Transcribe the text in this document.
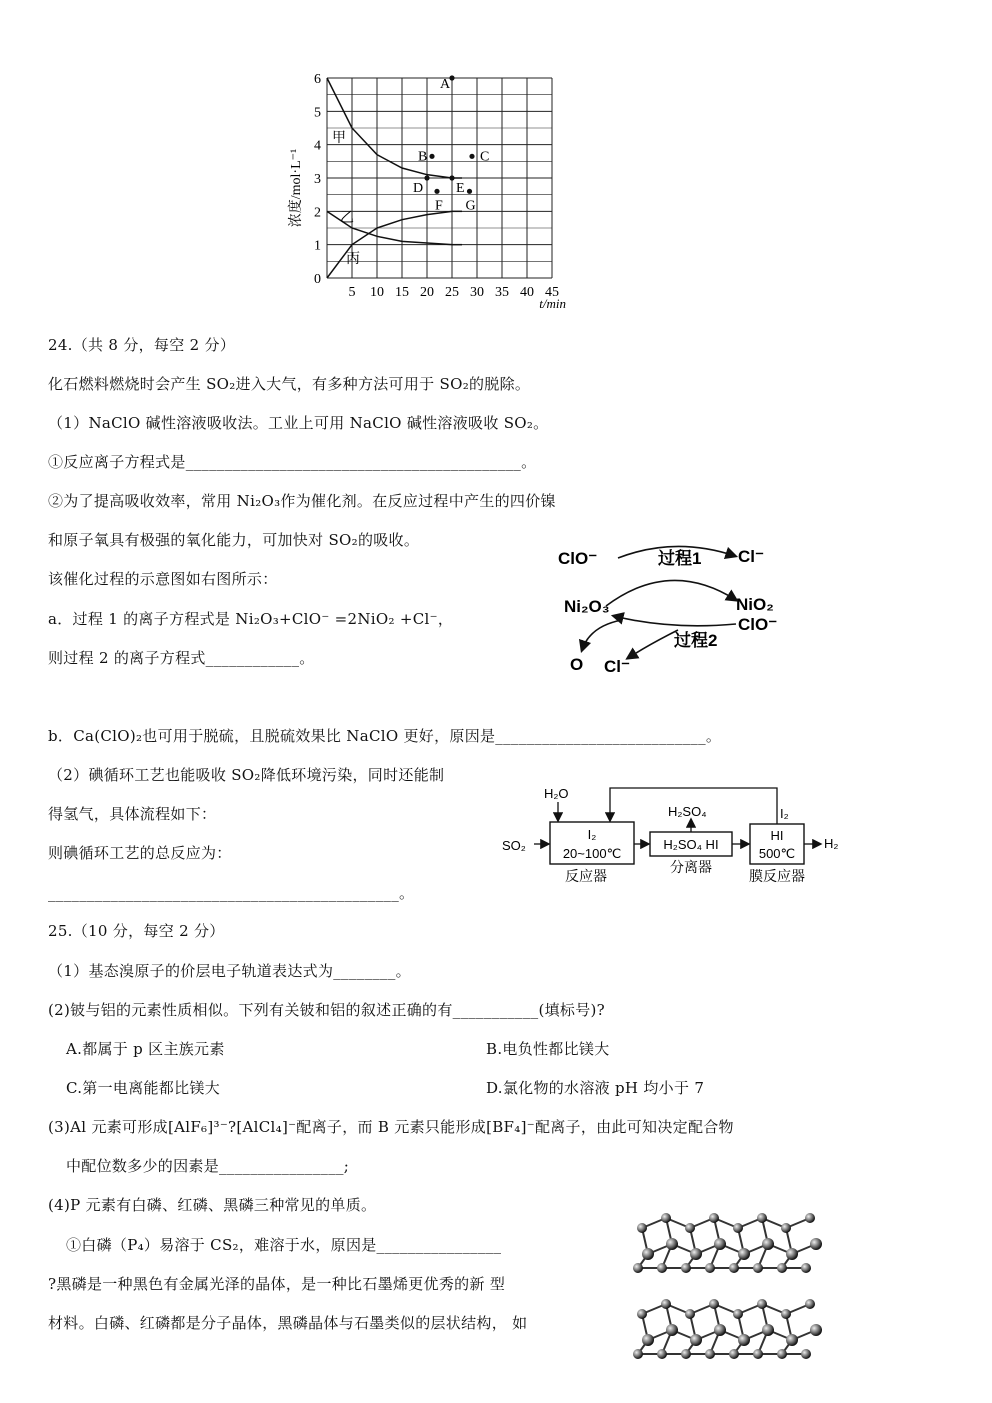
A
B	C
D E
F G
0
1
2
3
4
5
6
5 10 15 20 25 30 35 40 45
浓度/mol·L⁻¹
t/min
甲
乙
丙
24.（共 8 分，每空 2 分）
化石燃料燃烧时会产生 SO₂进入大气，有多种方法可用于 SO₂的脱除。
（1）NaClO 碱性溶液吸收法。工业上可用 NaClO 碱性溶液吸收 SO₂。
①反应离子方程式是___________________________________________。
②为了提高吸收效率，常用 Ni₂O₃作为催化剂。在反应过程中产生的四价镍
和原子氧具有极强的氧化能力，可加快对 SO₂的吸收。
该催化过程的示意图如右图所示：
a．过程 1 的离子方程式是 Ni₂O₃+ClO⁻ =2NiO₂ +Cl⁻，
则过程 2 的离子方程式____________。
b．Ca(ClO)₂也可用于脱硫，且脱硫效果比 NaClO 更好，原因是___________________________。
（2）碘循环工艺也能吸收 SO₂降低环境污染，同时还能制
得氢气，具体流程如下：
则碘循环工艺的总反应为：
_____________________________________________。
ClO⁻	Cl⁻
过程1
Ni₂O₃	NiO₂
ClO⁻
过程2
O Cl⁻
H₂O
H₂SO₄	I₂
SO₂
I₂
20~100℃
H₂SO₄ HI
HI
500℃
H₂
反应器
分离器
膜反应器
25.（10 分，每空 2 分）
（1）基态溴原子的价层电子轨道表达式为________。
(2)铍与铝的元素性质相似。下列有关铍和铝的叙述正确的有___________(填标号)?
A.都属于 p 区主族元素	B.电负性都比镁大
C.第一电离能都比镁大	D.氯化物的水溶液 pH 均小于 7
(3)Al 元素可形成[AlF₆]³⁻?[AlCl₄]⁻配离子，而 B 元素只能形成[BF₄]⁻配离子，由此可知决定配合物
中配位数多少的因素是________________;
(4)P 元素有白磷、红磷、黑磷三种常见的单质。
①白磷（P₄）易溶于 CS₂，难溶于水，原因是________________
?黑磷是一种黑色有金属光泽的晶体，是一种比石墨烯更优秀的新 型
材料。白磷、红磷都是分子晶体，黑磷晶体与石墨类似的层状结构， 如
